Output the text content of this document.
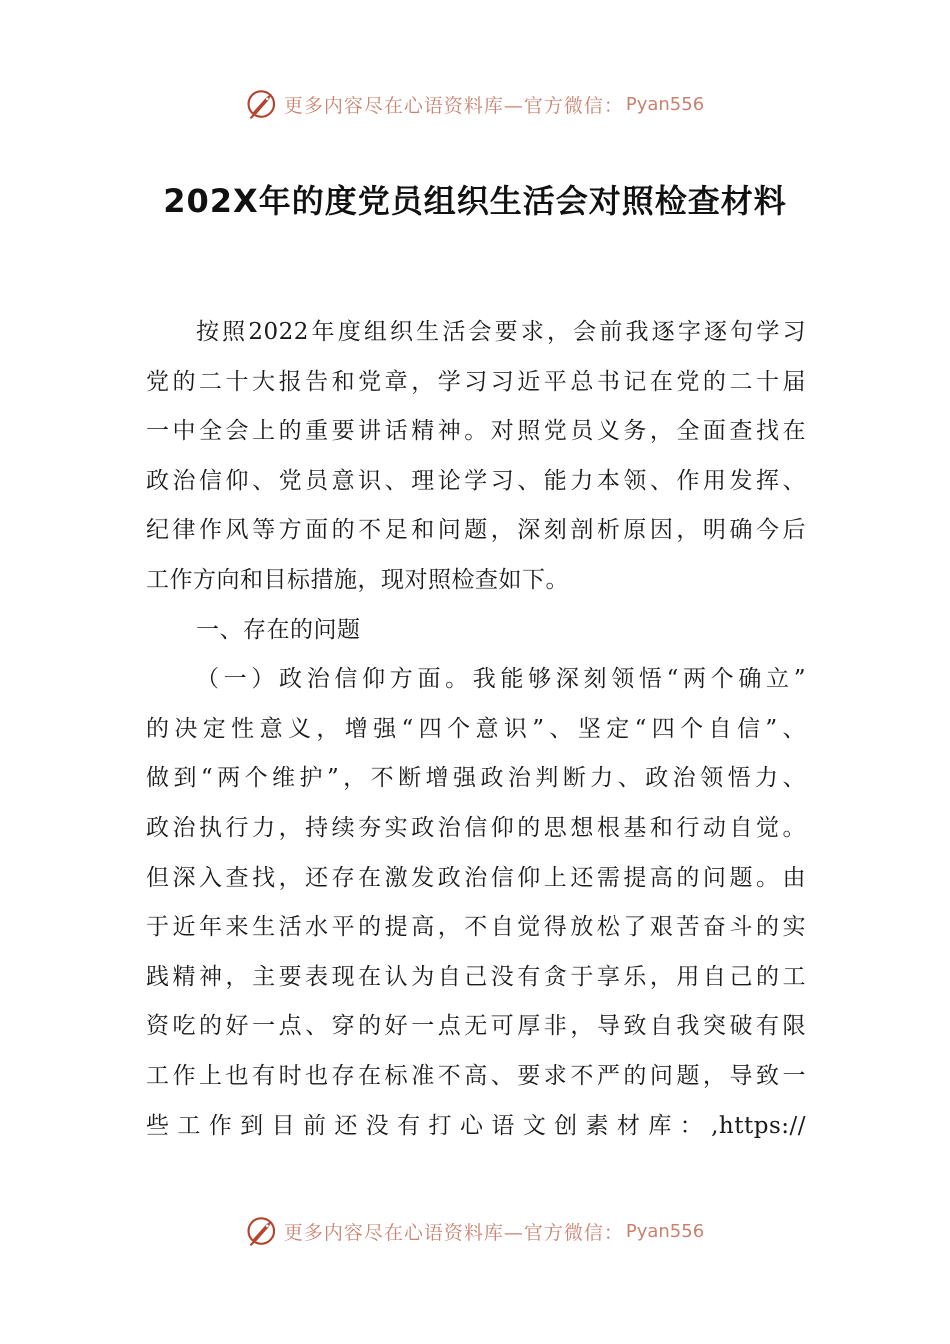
更多内容尽在心语资料库—官方微信： Pyan556
202X年的度党员组织生活会对照检查材料
按照2022年度组织生活会要求，会前我逐字逐句学习
党的二十大报告和党章，学习习近平总书记在党的二十届
一中全会上的重要讲话精神。对照党员义务，全面查找在
政治信仰、党员意识、理论学习、能力本领、作用发挥、
纪律作风等方面的不足和问题，深刻剖析原因，明确今后
工作方向和目标措施，现对照检查如下。
一、存在的问题
（一）政治信仰方面。我能够深刻领悟“两个确立”
的决定性意义，增强“四个意识”、坚定“四个自信”、
做到“两个维护”，不断增强政治判断力、政治领悟力、
政治执行力，持续夯实政治信仰的思想根基和行动自觉。
但深入查找，还存在激发政治信仰上还需提高的问题。由
于近年来生活水平的提高，不自觉得放松了艰苦奋斗的实
践精神，主要表现在认为自己没有贪于享乐，用自己的工
资吃的好一点、穿的好一点无可厚非，导致自我突破有限
工作上也有时也存在标准不高、要求不严的问题，导致一
些工作到目前还没有打心语文创素材库：,https://
更多内容尽在心语资料库—官方微信： Pyan556
